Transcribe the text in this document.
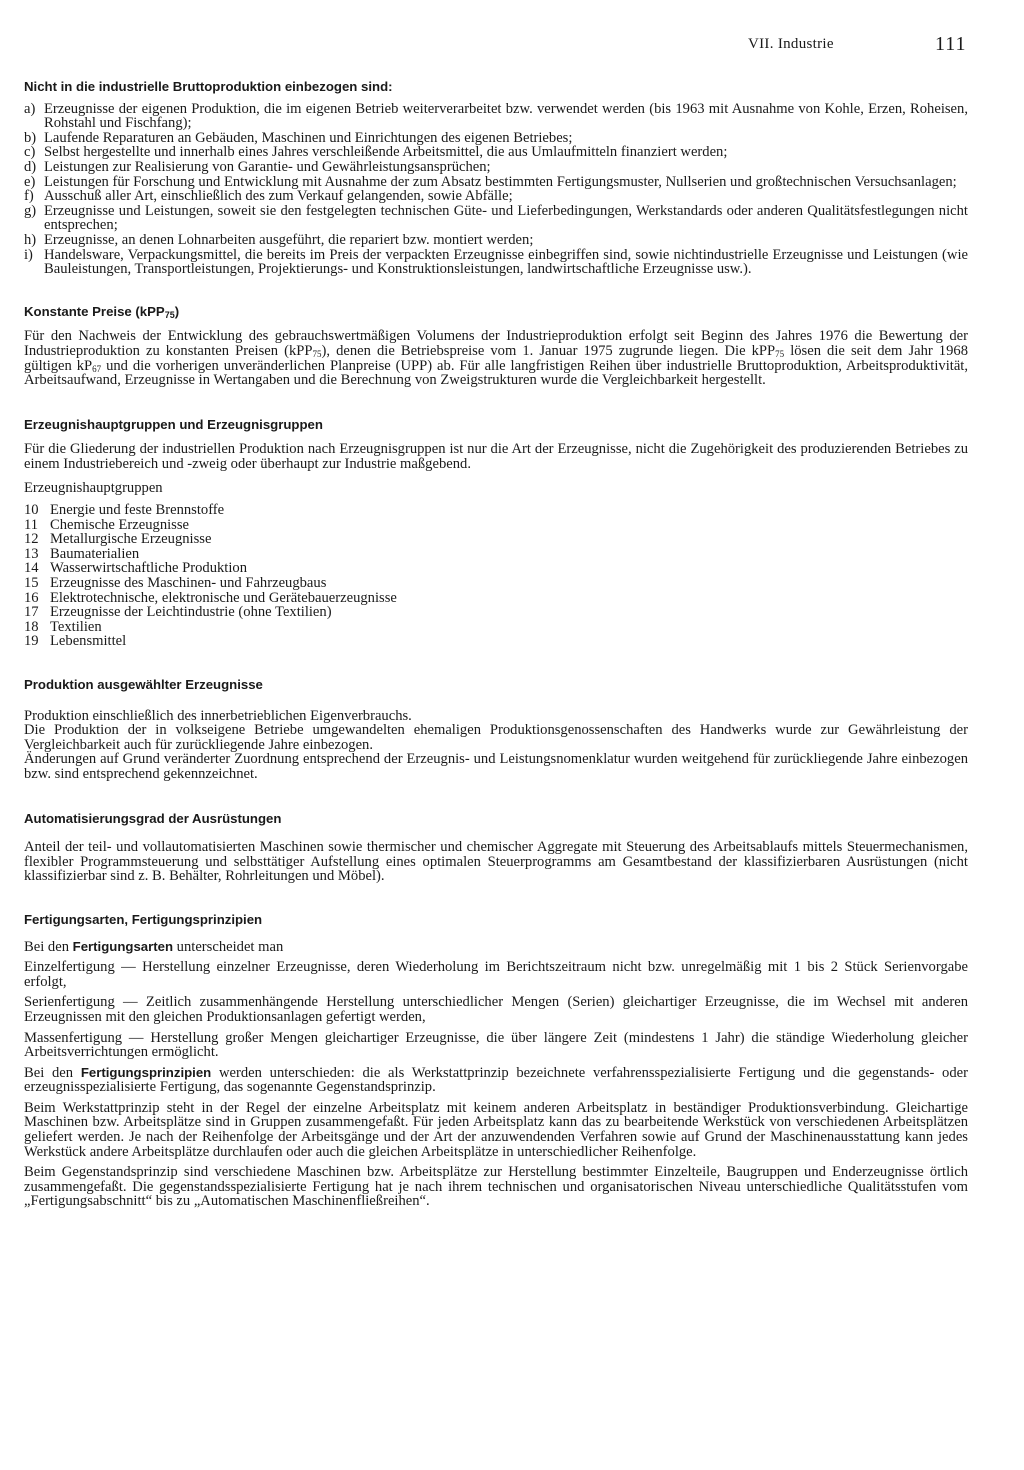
VII. Industrie	111

Nicht in die industrielle Bruttoproduktion einbezogen sind:

a) Erzeugnisse der eigenen Produktion, die im eigenen Betrieb weiterverarbeitet bzw. verwendet werden (bis 1963 mit Ausnahme von Kohle, Erzen, Roheisen, Rohstahl und Fischfang);
b) Laufende Reparaturen an Gebäuden, Maschinen und Einrichtungen des eigenen Betriebes;
c) Selbst hergestellte und innerhalb eines Jahres verschleißende Arbeitsmittel, die aus Umlaufmitteln finanziert werden;
d) Leistungen zur Realisierung von Garantie- und Gewährleistungsansprüchen;
e) Leistungen für Forschung und Entwicklung mit Ausnahme der zum Absatz bestimmten Fertigungsmuster, Nullserien und großtechnischen Versuchsanlagen;
f) Ausschuß aller Art, einschließlich des zum Verkauf gelangenden, sowie Abfälle;
g) Erzeugnisse und Leistungen, soweit sie den festgelegten technischen Güte- und Lieferbedingungen, Werkstandards oder anderen Qualitätsfestlegungen nicht entsprechen;
h) Erzeugnisse, an denen Lohnarbeiten ausgeführt, die repariert bzw. montiert werden;
i) Handelsware, Verpackungsmittel, die bereits im Preis der verpackten Erzeugnisse einbegriffen sind, sowie nichtindustrielle Erzeugnisse und Leistungen (wie Bauleistungen, Transportleistungen, Projektierungs- und Konstruktionsleistungen, landwirtschaftliche Erzeugnisse usw.).

Konstante Preise (kPP$_{75}$)

Für den Nachweis der Entwicklung des gebrauchswertmäßigen Volumens der Industrieproduktion erfolgt seit Beginn des Jahres 1976 die Bewertung der Industrieproduktion zu konstanten Preisen (kPP$_{75}$), denen die Betriebspreise vom 1. Januar 1975 zugrunde liegen. Die kPP$_{75}$ lösen die seit dem Jahr 1968 gültigen $kP_{67}$ und die vorherigen unveränderlichen Planpreise (UPP) ab. Für alle langfristigen Reihen über industrielle Bruttoproduktion, Arbeitsproduktivität, Arbeitsaufwand, Erzeugnisse in Wertangaben und die Berechnung von Zweigstrukturen wurde die Vergleichbarkeit hergestellt.

Erzeugnishauptgruppen und Erzeugnisgruppen

Für die Gliederung der industriellen Produktion nach Erzeugnisgruppen ist nur die Art der Erzeugnisse, nicht die Zugehörigkeit des produzierenden Betriebes zu einem Industriebereich und -zweig oder überhaupt zur Industrie maßgebend.

Erzeugnishauptgruppen

10 Energie und feste Brennstoffe
11 Chemische Erzeugnisse
12 Metallurgische Erzeugnisse
13 Baumaterialien
14 Wasserwirtschaftliche Produktion
15 Erzeugnisse des Maschinen- und Fahrzeugbaus
16 Elektrotechnische, elektronische und Gerätebauerzeugnisse
17 Erzeugnisse der Leichtindustrie (ohne Textilien)
18 Textilien
19 Lebensmittel

Produktion ausgewählter Erzeugnisse

Produktion einschließlich des innerbetrieblichen Eigenverbrauchs.

Die Produktion der in volkseigene Betriebe umgewandelten ehemaligen Produktionsgenossenschaften des Handwerks wurde zur Gewährleistung der Vergleichbarkeit auch für zurückliegende Jahre einbezogen.

Änderungen auf Grund veränderter Zuordnung entsprechend der Erzeugnis- und Leistungsnomenklatur wurden weitgehend für zurückliegende Jahre einbezogen bzw. sind entsprechend gekennzeichnet.

Automatisierungsgrad der Ausrüstungen

Anteil der teil- und vollautomatisierten Maschinen sowie thermischer und chemischer Aggregate mit Steuerung des Arbeitsablaufs mittels Steuermechanismen, flexibler Programmsteuerung und selbsttätiger Aufstellung eines optimalen Steuerprogramms am Gesamtbestand der klassifizierbaren Ausrüstungen (nicht klassifizierbar sind z. B. Behälter, Rohrleitungen und Möbel).

Fertigungsarten, Fertigungsprinzipien

Bei den Fertigungsarten unterscheidet man

Einzelfertigung — Herstellung einzelner Erzeugnisse, deren Wiederholung im Berichtszeitraum nicht bzw. unregelmäßig mit 1 bis 2 Stück Serienvorgabe erfolgt,

Serienfertigung — Zeitlich zusammenhängende Herstellung unterschiedlicher Mengen (Serien) gleichartiger Erzeugnisse, die im Wechsel mit anderen Erzeugnissen mit den gleichen Produktionsanlagen gefertigt werden,

Massenfertigung — Herstellung großer Mengen gleichartiger Erzeugnisse, die über längere Zeit (mindestens 1 Jahr) die ständige Wiederholung gleicher Arbeitsverrichtungen ermöglicht.

Bei den Fertigungsprinzipien werden unterschieden: die als Werkstattprinzip bezeichnete verfahrensspezialisierte Fertigung und die gegenstands- oder erzeugnisspezialisierte Fertigung, das sogenannte Gegenstandsprinzip.

Beim Werkstattprinzip steht in der Regel der einzelne Arbeitsplatz mit keinem anderen Arbeitsplatz in beständiger Produktionsverbindung. Gleichartige Maschinen bzw. Arbeitsplätze sind in Gruppen zusammengefaßt. Für jeden Arbeitsplatz kann das zu bearbeitende Werkstück von verschiedenen Arbeitsplätzen geliefert werden. Je nach der Reihenfolge der Arbeitsgänge und der Art der anzuwendenden Verfahren sowie auf Grund der Maschinenausstattung kann jedes Werkstück andere Arbeitsplätze durchlaufen oder auch die gleichen Arbeitsplätze in unterschiedlicher Reihenfolge.

Beim Gegenstandsprinzip sind verschiedene Maschinen bzw. Arbeitsplätze zur Herstellung bestimmter Einzelteile, Baugruppen und Enderzeugnisse örtlich zusammengefaßt. Die gegenstandsspezialisierte Fertigung hat je nach ihrem technischen und organisatorischen Niveau unterschiedliche Qualitätsstufen vom „Fertigungsabschnitt“ bis zu „Automatischen Maschinenfließreihen“.
